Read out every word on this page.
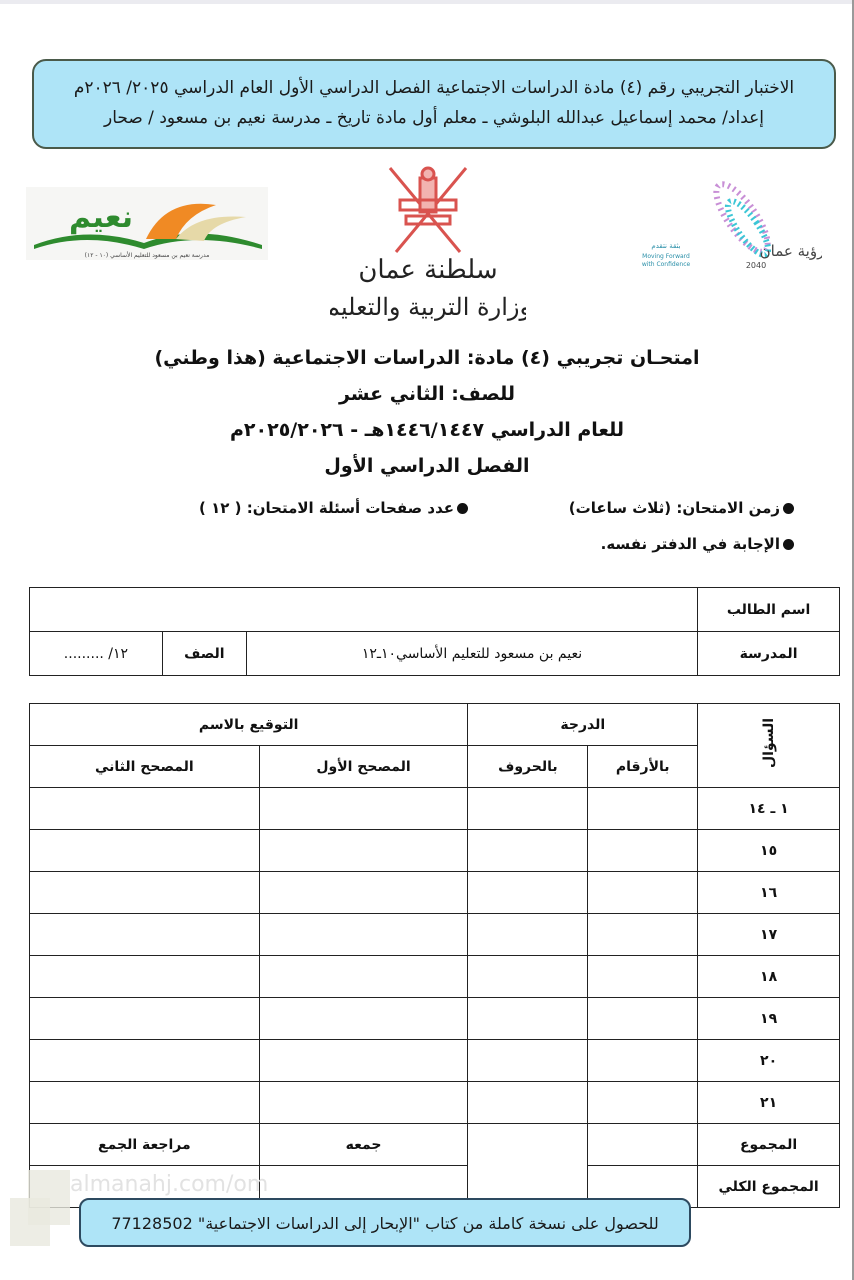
الاختبار التجريبي رقم (٤) مادة الدراسات الاجتماعية الفصل الدراسي الأول العام الدراسي ٢٠٢٥/ ٢٠٢٦م
إعداد/ محمد إسماعيل عبدالله البلوشي ـ معلم أول مادة تاريخ ـ مدرسة نعيم بن مسعود / صحار
نعيم
مدرسة نعيم بن مسعود للتعليم الأساسي (١٠ - ١٢)	سلطنة عمان
وزارة التربية والتعليم
رؤية عمان
2040
بثقة نتقدم
Moving Forward
with Confidence
امتحـان تجريبي (٤) مادة: الدراسات الاجتماعية (هذا وطني)
للصف: الثاني عشر
للعام الدراسي ١٤٤٦/١٤٤٧هـ - ٢٠٢٥/٢٠٢٦م
الفصل الدراسي الأول
زمن الامتحان: (ثلاث ساعات)
عدد صفحات أسئلة الامتحان: ( ١٢ )
الإجابة في الدفتر نفسه.
اسم الطالب			
المدرسة	نعيم بن مسعود للتعليم الأساسي١٠ـ١٢	الصف	١٢/ .........
السؤال	الدرجة		التوقيع بالاسم	
	بالأرقام	بالحروف	المصحح الأول	المصحح الثاني
١ ـ ١٤				
١٥				
١٦				
١٧				
١٨				
١٩				
٢٠				
٢١				
المجموع			جمعه	مراجعة الجمع
المجموع الكلي				
almanahj.com/om
للحصول على نسخة كاملة من كتاب "الإبحار إلى الدراسات الاجتماعية" 77128502
